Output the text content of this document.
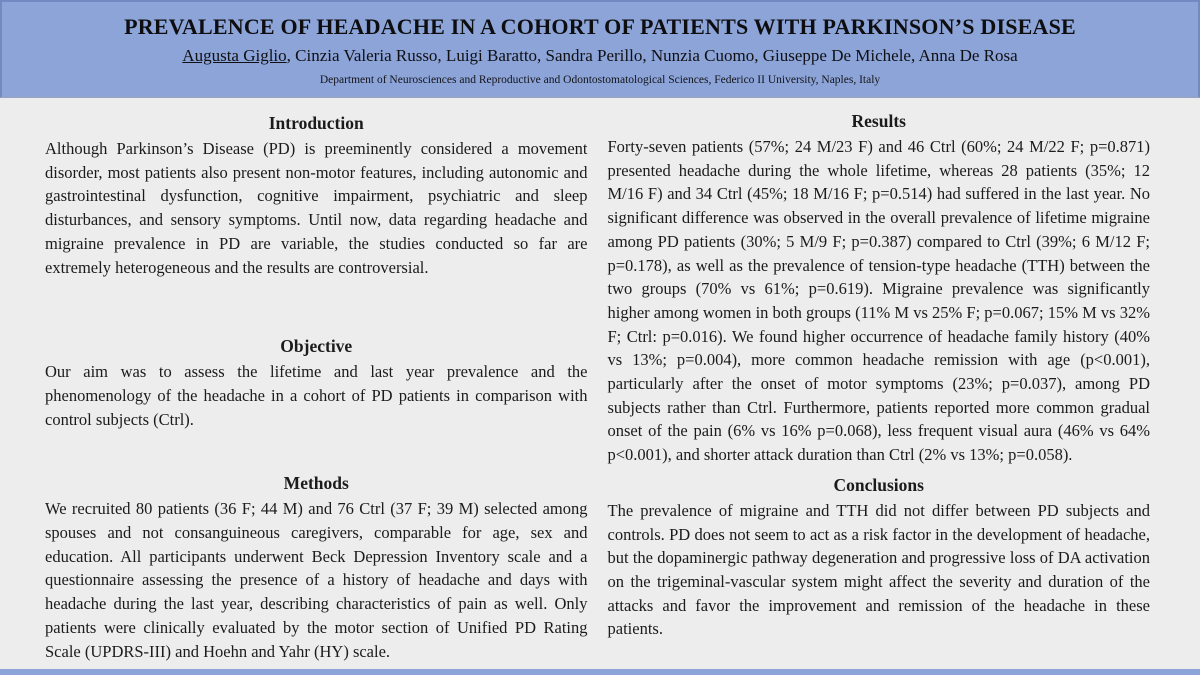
PREVALENCE OF HEADACHE IN A COHORT OF PATIENTS WITH PARKINSON’S DISEASE

Augusta Giglio, Cinzia Valeria Russo, Luigi Baratto, Sandra Perillo, Nunzia Cuomo, Giuseppe De Michele, Anna De Rosa

Department of Neurosciences and Reproductive and Odontostomatological Sciences, Federico II University, Naples, Italy

Introduction

Although Parkinson’s Disease (PD) is preeminently considered a movement disorder, most patients also present non-motor features, including autonomic and gastrointestinal dysfunction, cognitive impairment, psychiatric and sleep disturbances, and sensory symptoms. Until now, data regarding headache and migraine prevalence in PD are variable, the studies conducted so far are extremely heterogeneous and the results are controversial.

Objective

Our aim was to assess the lifetime and last year prevalence and the phenomenology of the headache in a cohort of PD patients in comparison with control subjects (Ctrl).

Methods

We recruited 80 patients (36 F; 44 M) and 76 Ctrl (37 F; 39 M) selected among spouses and not consanguineous caregivers, comparable for age, sex and education. All participants underwent Beck Depression Inventory scale and a questionnaire assessing the presence of a history of headache and days with headache during the last year, describing characteristics of pain as well. Only patients were clinically evaluated by the motor section of Unified PD Rating Scale (UPDRS-III) and Hoehn and Yahr (HY) scale.

Results

Forty-seven patients (57%; 24 M/23 F) and 46 Ctrl (60%; 24 M/22 F; p=0.871) presented headache during the whole lifetime, whereas 28 patients (35%; 12 M/16 F) and 34 Ctrl (45%; 18 M/16 F; p=0.514) had suffered in the last year. No significant difference was observed in the overall prevalence of lifetime migraine among PD patients (30%; 5 M/9 F; p=0.387) compared to Ctrl (39%; 6 M/12 F; p=0.178), as well as the prevalence of tension-type headache (TTH) between the two groups (70% vs 61%; p=0.619). Migraine prevalence was significantly higher among women in both groups (11% M vs 25% F; p=0.067; 15% M vs 32% F; Ctrl: p=0.016). We found higher occurrence of headache family history (40% vs 13%; p=0.004), more common headache remission with age (p<0.001), particularly after the onset of motor symptoms (23%; p=0.037), among PD subjects rather than Ctrl. Furthermore, patients reported more common gradual onset of the pain (6% vs 16% p=0.068), less frequent visual aura (46% vs 64% p<0.001), and shorter attack duration than Ctrl (2% vs 13%; p=0.058).

Conclusions

The prevalence of migraine and TTH did not differ between PD subjects and controls. PD does not seem to act as a risk factor in the development of headache, but the dopaminergic pathway degeneration and progressive loss of DA activation on the trigeminal-vascular system might affect the severity and duration of the attacks and favor the improvement and remission of the headache in these patients.
